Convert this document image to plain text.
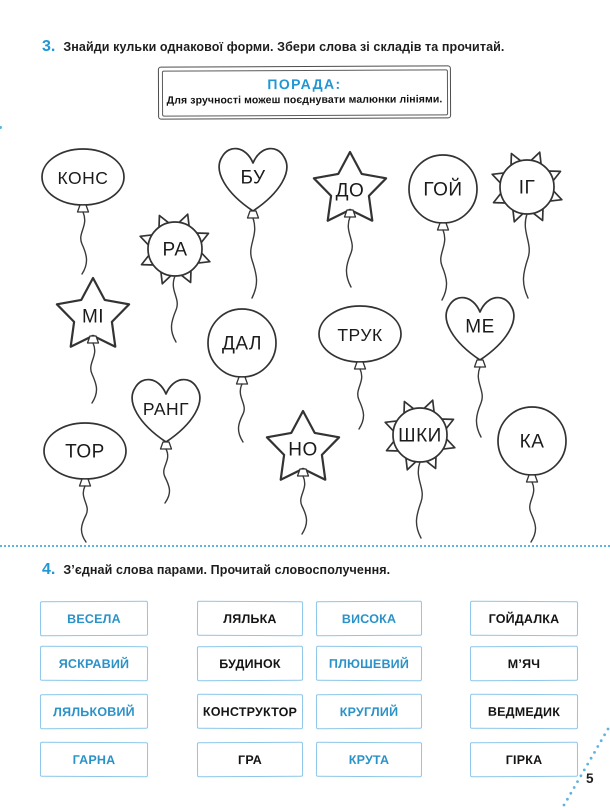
3. Знайди кульки однакової форми. Збери слова зі складів та прочитай.
ПОРАДА:
Для зручності можеш поєднувати малюнки лініями.
КОНС
РА
БУ
ДО	ГОЙ	ІГ
МІ
ДАЛ	ТРУК	МЕ
РАНГ
ТОР	НО
ШКИ	КА
4. З’єднай слова парами. Прочитай словосполучення.
ВЕСЕЛА	ЛЯЛЬКА	ВИСОКА	ГОЙДАЛКА
ЯСКРАВИЙ	БУДИНОК	ПЛЮШЕВИЙ	М’ЯЧ
ЛЯЛЬКОВИЙ	КОНСТРУКТОР	КРУГЛИЙ	ВЕДМЕДИК
ГАРНА	ГРА	КРУТА	ГІРКА
5
